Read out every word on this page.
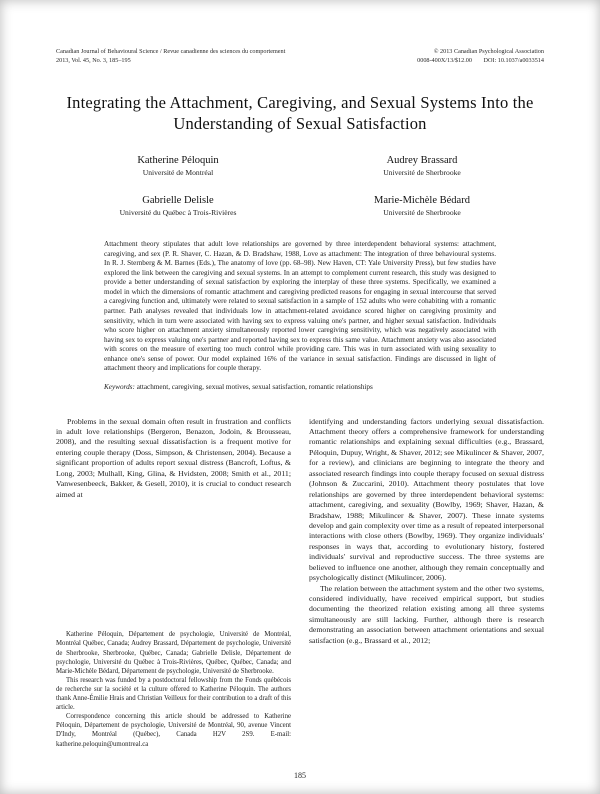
Canadian Journal of Behavioural Science / Revue canadienne des sciences du comportement
2013, Vol. 45, No. 3, 185–195
© 2013 Canadian Psychological Association
0008-400X/13/$12.00 DOI: 10.1037/a0033514
Integrating the Attachment, Caregiving, and Sexual Systems Into the Understanding of Sexual Satisfaction
Katherine Péloquin
Université de Montréal
Audrey Brassard
Université de Sherbrooke
Gabrielle Delisle
Université du Québec à Trois-Rivières
Marie-Michèle Bédard
Université de Sherbrooke
Attachment theory stipulates that adult love relationships are governed by three interdependent behavioral systems: attachment, caregiving, and sex (P. R. Shaver, C. Hazan, & D. Bradshaw, 1988, Love as attachment: The integration of three behavioural systems. In R. J. Sternberg & M. Barnes (Eds.), The anatomy of love (pp. 68–98). New Haven, CT: Yale University Press), but few studies have explored the link between the caregiving and sexual systems. In an attempt to complement current research, this study was designed to provide a better understanding of sexual satisfaction by exploring the interplay of these three systems. Specifically, we examined a model in which the dimensions of romantic attachment and caregiving predicted reasons for engaging in sexual intercourse that served a caregiving function and, ultimately were related to sexual satisfaction in a sample of 152 adults who were cohabiting with a romantic partner. Path analyses revealed that individuals low in attachment-related avoidance scored higher on caregiving proximity and sensitivity, which in turn were associated with having sex to express valuing one's partner, and higher sexual satisfaction. Individuals who score higher on attachment anxiety simultaneously reported lower caregiving sensitivity, which was negatively associated with having sex to express valuing one's partner and reported having sex to express this same value. Attachment anxiety was also associated with scores on the measure of exerting too much control while providing care. This was in turn associated with using sexuality to enhance one's sense of power. Our model explained 16% of the variance in sexual satisfaction. Findings are discussed in light of attachment theory and implications for couple therapy.

Keywords: attachment, caregiving, sexual motives, sexual satisfaction, romantic relationships

Problems in the sexual domain often result in frustration and conflicts in adult love relationships (Bergeron, Benazon, Jodoin, & Brousseau, 2008), and the resulting sexual dissatisfaction is a frequent motive for entering couple therapy (Doss, Simpson, & Christensen, 2004). Because a significant proportion of adults report sexual distress (Bancroft, Loftus, & Long, 2003; Mulhall, King, Glina, & Hvidsten, 2008; Smith et al., 2011; Vanwesenbeeck, Bakker, & Gesell, 2010), it is crucial to conduct research aimed at

Katherine Péloquin, Département de psychologie, Université de Montréal, Montréal Québec, Canada; Audrey Brassard, Département de psychologie, Université de Sherbrooke, Sherbrooke, Québec, Canada; Gabrielle Delisle, Département de psychologie, Université du Québec à Trois-Rivières, Québec, Québec, Canada; and Marie-Michèle Bédard, Département de psychologie, Université de Sherbrooke.

This research was funded by a postdoctoral fellowship from the Fonds québécois de recherche sur la société et la culture offered to Katherine Péloquin. The authors thank Anne-Émilie Hrais and Christian Veilleux for their contribution to a draft of this article.

Correspondence concerning this article should be addressed to Katherine Péloquin, Département de psychologie, Université de Montréal, 90, avenue Vincent D'Indy, Montréal (Québec), Canada H2V 2S9. E-mail: katherine.peloquin@umontreal.ca

identifying and understanding factors underlying sexual dissatisfaction. Attachment theory offers a comprehensive framework for understanding romantic relationships and explaining sexual difficulties (e.g., Brassard, Péloquin, Dupuy, Wright, & Shaver, 2012; see Mikulincer & Shaver, 2007, for a review), and clinicians are beginning to integrate the theory and associated research findings into couple therapy focused on sexual distress (Johnson & Zuccarini, 2010). Attachment theory postulates that love relationships are governed by three interdependent behavioral systems: attachment, caregiving, and sexuality (Bowlby, 1969; Shaver, Hazan, & Bradshaw, 1988; Mikulincer & Shaver, 2007). These innate systems develop and gain complexity over time as a result of repeated interpersonal interactions with close others (Bowlby, 1969). They organize individuals' responses in ways that, according to evolutionary history, fostered individuals' survival and reproductive success. The three systems are believed to influence one another, although they remain conceptually and psychologically distinct (Mikulincer, 2006).

The relation between the attachment system and the other two systems, considered individually, have received empirical support, but studies documenting the theorized relation existing among all three systems simultaneously are still lacking. Further, although there is research demonstrating an association between attachment orientations and sexual satisfaction (e.g., Brassard et al., 2012;

185
